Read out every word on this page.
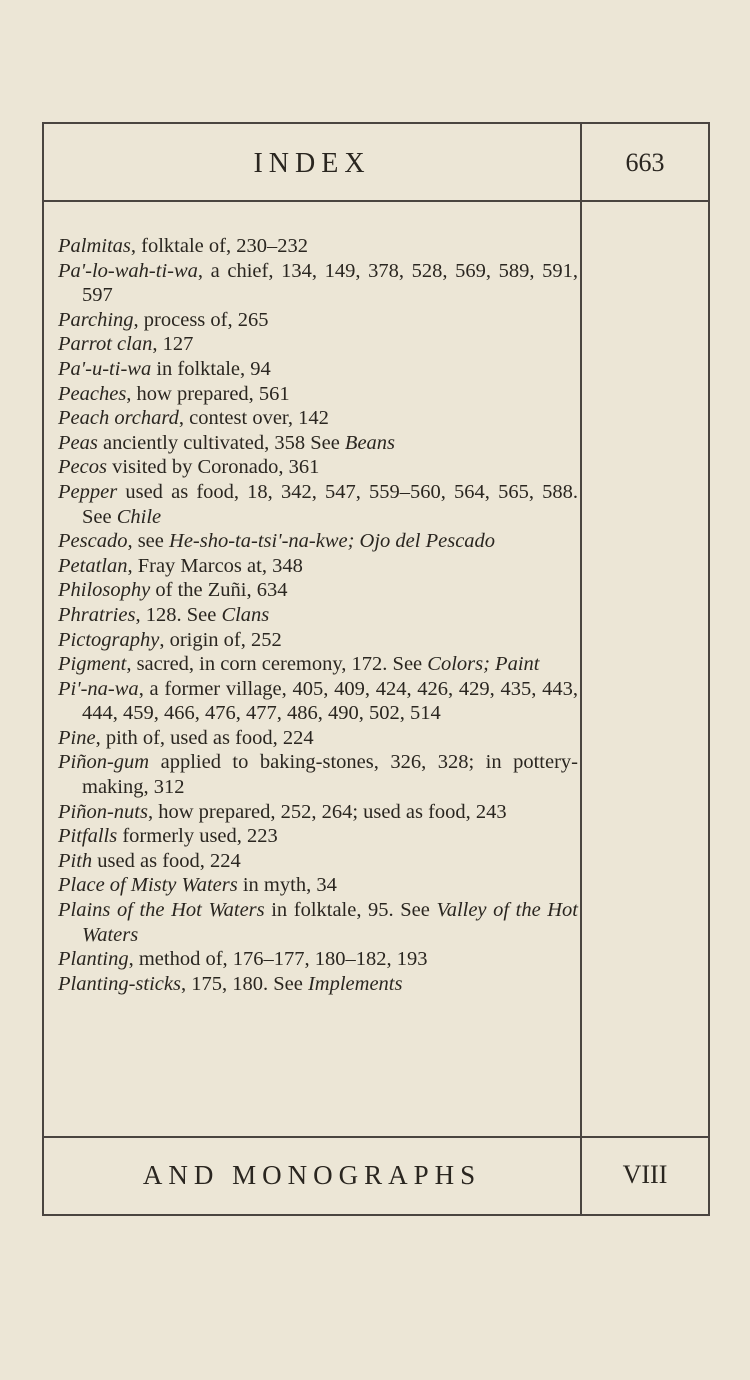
INDEX	663
Palmitas, folktale of, 230–232
Pa'-lo-wah-ti-wa, a chief, 134, 149, 378, 528, 569, 589, 591, 597
Parching, process of, 265
Parrot clan, 127
Pa'-u-ti-wa in folktale, 94
Peaches, how prepared, 561
Peach orchard, contest over, 142
Peas anciently cultivated, 358 See Beans
Pecos visited by Coronado, 361
Pepper used as food, 18, 342, 547, 559–560, 564, 565, 588. See Chile
Pescado, see He-sho-ta-tsi'-na-kwe; Ojo del Pescado
Petatlan, Fray Marcos at, 348
Philosophy of the Zuñi, 634
Phratries, 128. See Clans
Pictography, origin of, 252
Pigment, sacred, in corn ceremony, 172. See Colors; Paint
Pi'-na-wa, a former village, 405, 409, 424, 426, 429, 435, 443, 444, 459, 466, 476, 477, 486, 490, 502, 514
Pine, pith of, used as food, 224
Piñon-gum applied to baking-stones, 326, 328; in pottery-making, 312
Piñon-nuts, how prepared, 252, 264; used as food, 243
Pitfalls formerly used, 223
Pith used as food, 224
Place of Misty Waters in myth, 34
Plains of the Hot Waters in folktale, 95. See Valley of the Hot Waters
Planting, method of, 176–177, 180–182, 193
Planting-sticks, 175, 180. See Implements
AND MONOGRAPHS	VIII
